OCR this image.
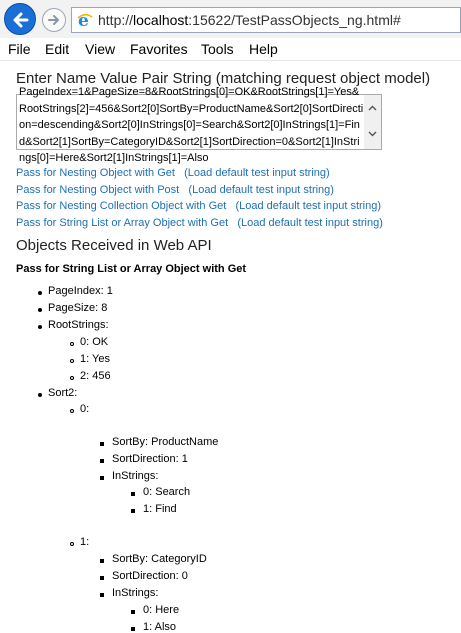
e http://localhost:15622/TestPassObjects_ng.html#
File Edit View Favorites Tools Help
Enter Name Value Pair String (matching request object model)
PageIndex=1&PageSize=8&RootStrings[0]=OK&RootStrings[1]=Yes&RootStrings[2]=456&Sort2[0]SortBy=ProductName&Sort2[0]SortDirection=descending&Sort2[0]InStrings[0]=Search&Sort2[0]InStrings[1]=Find&Sort2[1]SortBy=CategoryID&Sort2[1]SortDirection=0&Sort2[1]InStrings[0]=Here&Sort2[1]InStrings[1]=Also
Pass for Nesting Object with Get (Load default test input string)
Pass for Nesting Object with Post (Load default test input string)
Pass for Nesting Collection Object with Get (Load default test input string)
Pass for String List or Array Object with Get (Load default test input string)
Objects Received in Web API
Pass for String List or Array Object with Get
PageIndex: 1
PageSize: 8
RootStrings:
0: OK
1: Yes
2: 456
Sort2:
0:
SortBy: ProductName
SortDirection: 1
InStrings:
0: Search
1: Find
1:
SortBy: CategoryID
SortDirection: 0
InStrings:
0: Here
1: Also
